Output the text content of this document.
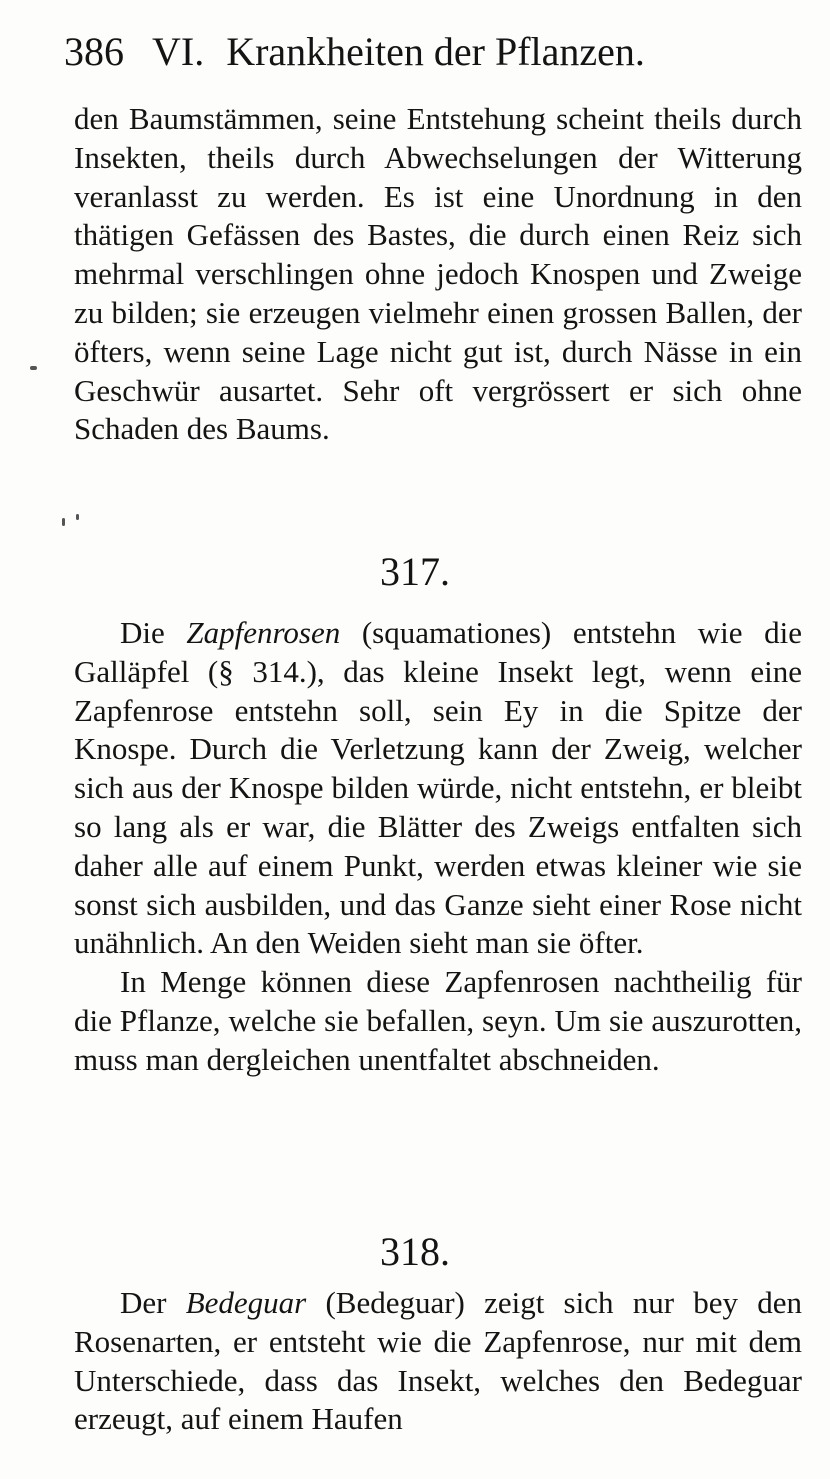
386 VI. Krankheiten der Pflanzen.

den Baumstämmen, seine Entstehung scheint theils durch Insekten, theils durch Abwechselungen der Witterung veranlasst zu werden. Es ist eine Unordnung in den thätigen Gefässen des Bastes, die durch einen Reiz sich mehrmal verschlingen ohne jedoch Knospen und Zweige zu bilden; sie erzeugen vielmehr einen grossen Ballen, der öfters, wenn seine Lage nicht gut ist, durch Nässe in ein Geschwür ausartet. Sehr oft vergrössert er sich ohne Schaden des Baums.

317.

Die Zapfenrosen (squamationes) entstehn wie die Galläpfel (§ 314.), das kleine Insekt legt, wenn eine Zapfenrose entstehn soll, sein Ey in die Spitze der Knospe. Durch die Verletzung kann der Zweig, welcher sich aus der Knospe bilden würde, nicht entstehn, er bleibt so lang als er war, die Blätter des Zweigs entfalten sich daher alle auf einem Punkt, werden etwas kleiner wie sie sonst sich ausbilden, und das Ganze sieht einer Rose nicht unähnlich. An den Weiden sieht man sie öfter.

In Menge können diese Zapfenrosen nachtheilig für die Pflanze, welche sie befallen, seyn. Um sie auszurotten, muss man dergleichen unentfaltet abschneiden.

318.

Der Bedeguar (Bedeguar) zeigt sich nur bey den Rosenarten, er entsteht wie die Zapfenrose, nur mit dem Unterschiede, dass das Insekt, welches den Bedeguar erzeugt, auf einem Haufen
